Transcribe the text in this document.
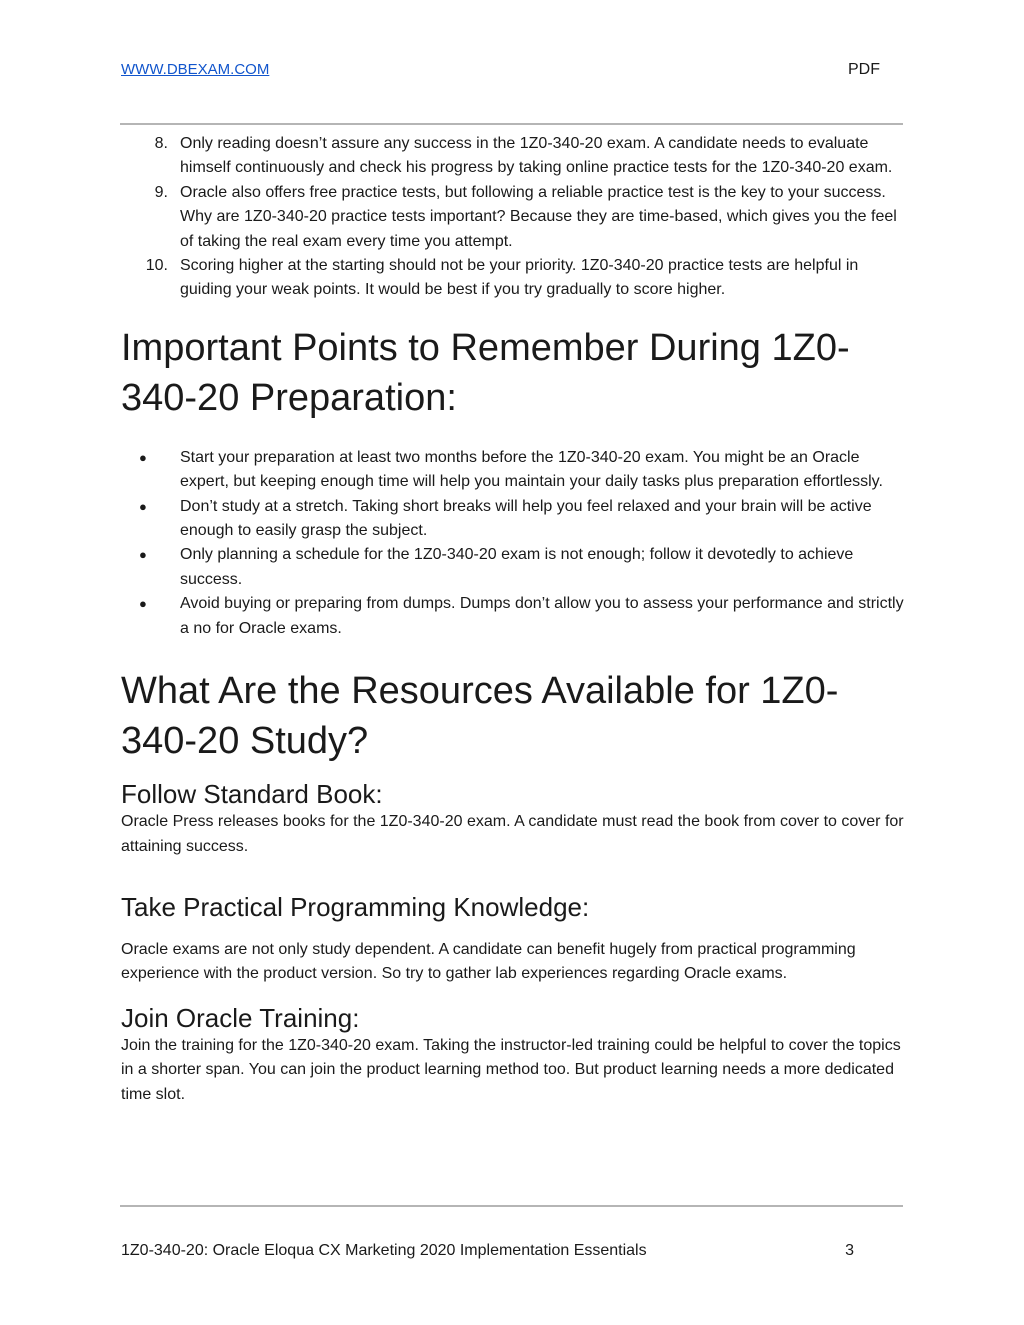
WWW.DBEXAM.COM	PDF
8. Only reading doesn’t assure any success in the 1Z0-340-20 exam. A candidate needs to evaluate himself continuously and check his progress by taking online practice tests for the 1Z0-340-20 exam.
9. Oracle also offers free practice tests, but following a reliable practice test is the key to your success. Why are 1Z0-340-20 practice tests important? Because they are time-based, which gives you the feel of taking the real exam every time you attempt.
10. Scoring higher at the starting should not be your priority. 1Z0-340-20 practice tests are helpful in guiding your weak points. It would be best if you try gradually to score higher.
Important Points to Remember During 1Z0-340-20 Preparation:
● Start your preparation at least two months before the 1Z0-340-20 exam. You might be an Oracle expert, but keeping enough time will help you maintain your daily tasks plus preparation effortlessly.
● Don’t study at a stretch. Taking short breaks will help you feel relaxed and your brain will be active enough to easily grasp the subject.
● Only planning a schedule for the 1Z0-340-20 exam is not enough; follow it devotedly to achieve success.
● Avoid buying or preparing from dumps. Dumps don’t allow you to assess your performance and strictly a no for Oracle exams.
What Are the Resources Available for 1Z0-340-20 Study?
Follow Standard Book:

Oracle Press releases books for the 1Z0-340-20 exam. A candidate must read the book from cover to cover for attaining success.

Take Practical Programming Knowledge:

Oracle exams are not only study dependent. A candidate can benefit hugely from practical programming experience with the product version. So try to gather lab experiences regarding Oracle exams.

Join Oracle Training:

Join the training for the 1Z0-340-20 exam. Taking the instructor-led training could be helpful to cover the topics in a shorter span. You can join the product learning method too. But product learning needs a more dedicated time slot.

1Z0-340-20: Oracle Eloqua CX Marketing 2020 Implementation Essentials	3
